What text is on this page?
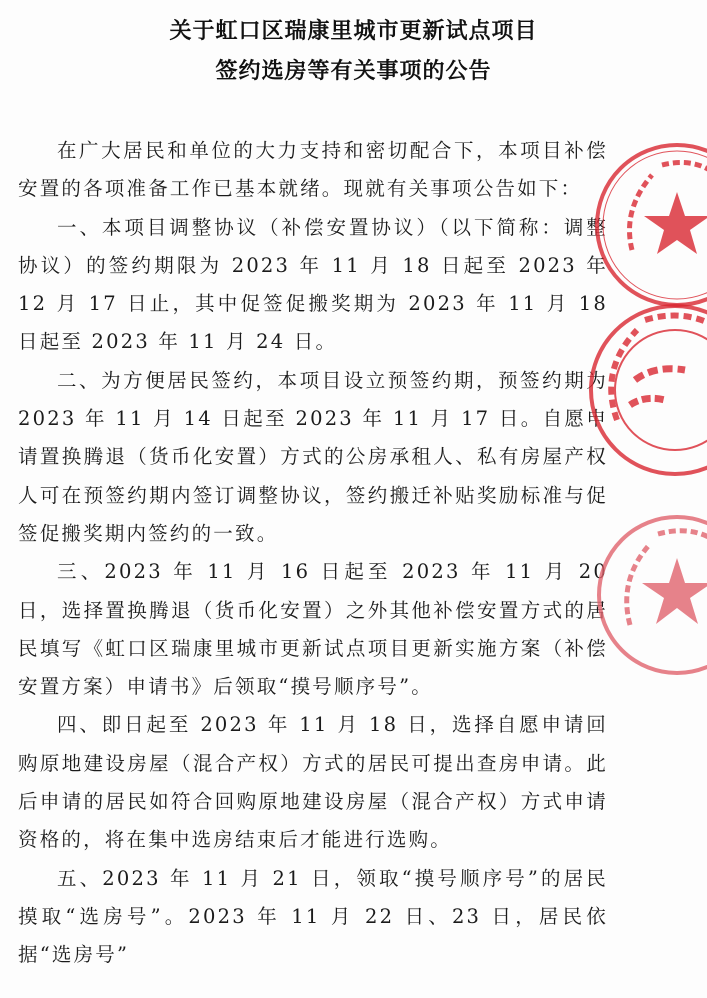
关于虹口区瑞康里城市更新试点项目
签约选房等有关事项的公告

在广大居民和单位的大力支持和密切配合下，本项目补偿安置的各项准备工作已基本就绪。现就有关事项公告如下：

一、本项目调整协议（补偿安置协议）（以下简称：调整协议）的签约期限为 2023 年 11 月 18 日起至 2023 年 12 月 17 日止，其中促签促搬奖期为 2023 年 11 月 18 日起至 2023 年 11 月 24 日。

二、为方便居民签约，本项目设立预签约期，预签约期为 2023 年 11 月 14 日起至 2023 年 11 月 17 日。自愿申请置换腾退（货币化安置）方式的公房承租人、私有房屋产权人可在预签约期内签订调整协议，签约搬迁补贴奖励标准与促签促搬奖期内签约的一致。

三、2023 年 11 月 16 日起至 2023 年 11 月 20 日，选择置换腾退（货币化安置）之外其他补偿安置方式的居民填写《虹口区瑞康里城市更新试点项目更新实施方案（补偿安置方案）申请书》后领取“摸号顺序号”。

四、即日起至 2023 年 11 月 18 日，选择自愿申请回购原地建设房屋（混合产权）方式的居民可提出查房申请。此后申请的居民如符合回购原地建设房屋（混合产权）方式申请资格的，将在集中选房结束后才能进行选购。

五、2023 年 11 月 21 日，领取“摸号顺序号”的居民摸取“选房号”。2023 年 11 月 22 日、23 日，居民依据“选房号”
